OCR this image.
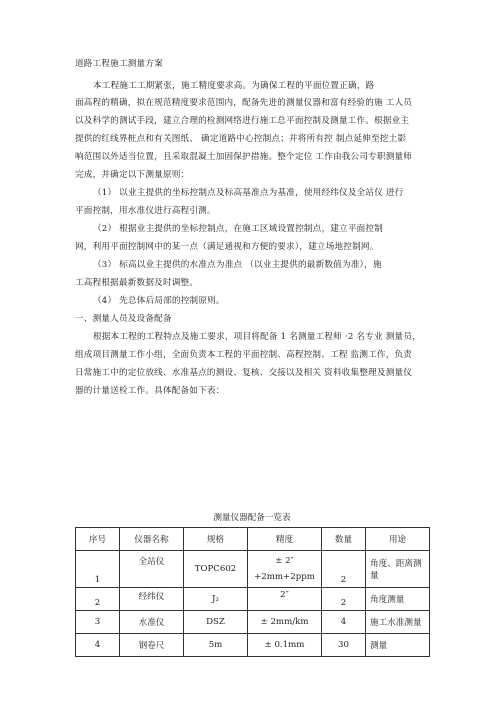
道路工程施工测量方案
本工程施工工期紧张，施工精度要求高。为确保工程的平面位置正确，路
面高程的精确，拟在规范精度要求范围内，配备先进的测量仪器和富有经验的施 工人员
以及科学的测试手段，建立合理的检测网络进行施工总平面控制及测量工作。根据业主
提供的红线界桩点和有关图纸、 确定道路中心控制点；并将所有控 制点延伸至挖土影
响范围以外适当位置，且采取混凝土加固保护措施。整个定位 工作由我公司专职测量师
完成，并确定以下测量原则：
（1） 以业主提供的坐标控制点及标高基准点为基准，使用经纬仪及全站仪 进行
平面控制，用水准仪进行高程引测。
（2） 根据业主提供的坐标控制点，在施工区域设置控制点，建立平面控制
网，利用平面控制网中的某一点（满足通视和方便的要求），建立场地控制网。
（3） 标高以业主提供的水准点为准点 （以业主提供的最新数值为准），施
工高程根据最新数据及时调整。
（4） 先总体后局部的控制原则。
一、测量人员及设备配备
根据本工程的工程特点及施工要求，项目将配备 1 名测量工程师 ·2 名专业 测量员，
组成项目测量工作小组，全面负责本工程的平面控制、高程控制、工程 监测工作，负责
日常施工中的定位放线、水准基点的测设、复核、交接以及相关 资料收集整理及测量仪
器的计量送检工作。具体配备如下表：
测量仪器配备一览表
序号	仪器名称	规格	精度	数量	用途
1	全站仪	TOPC602	± 2″
+2mm+2ppm	2	角度、距离测量
2	经纬仪	J₂	2″	2	角度测量
3	水准仪	DSZ	± 2mm/km	4	施工水准测量
4	钢卷尺	5m	± 0.1mm	30	测量
